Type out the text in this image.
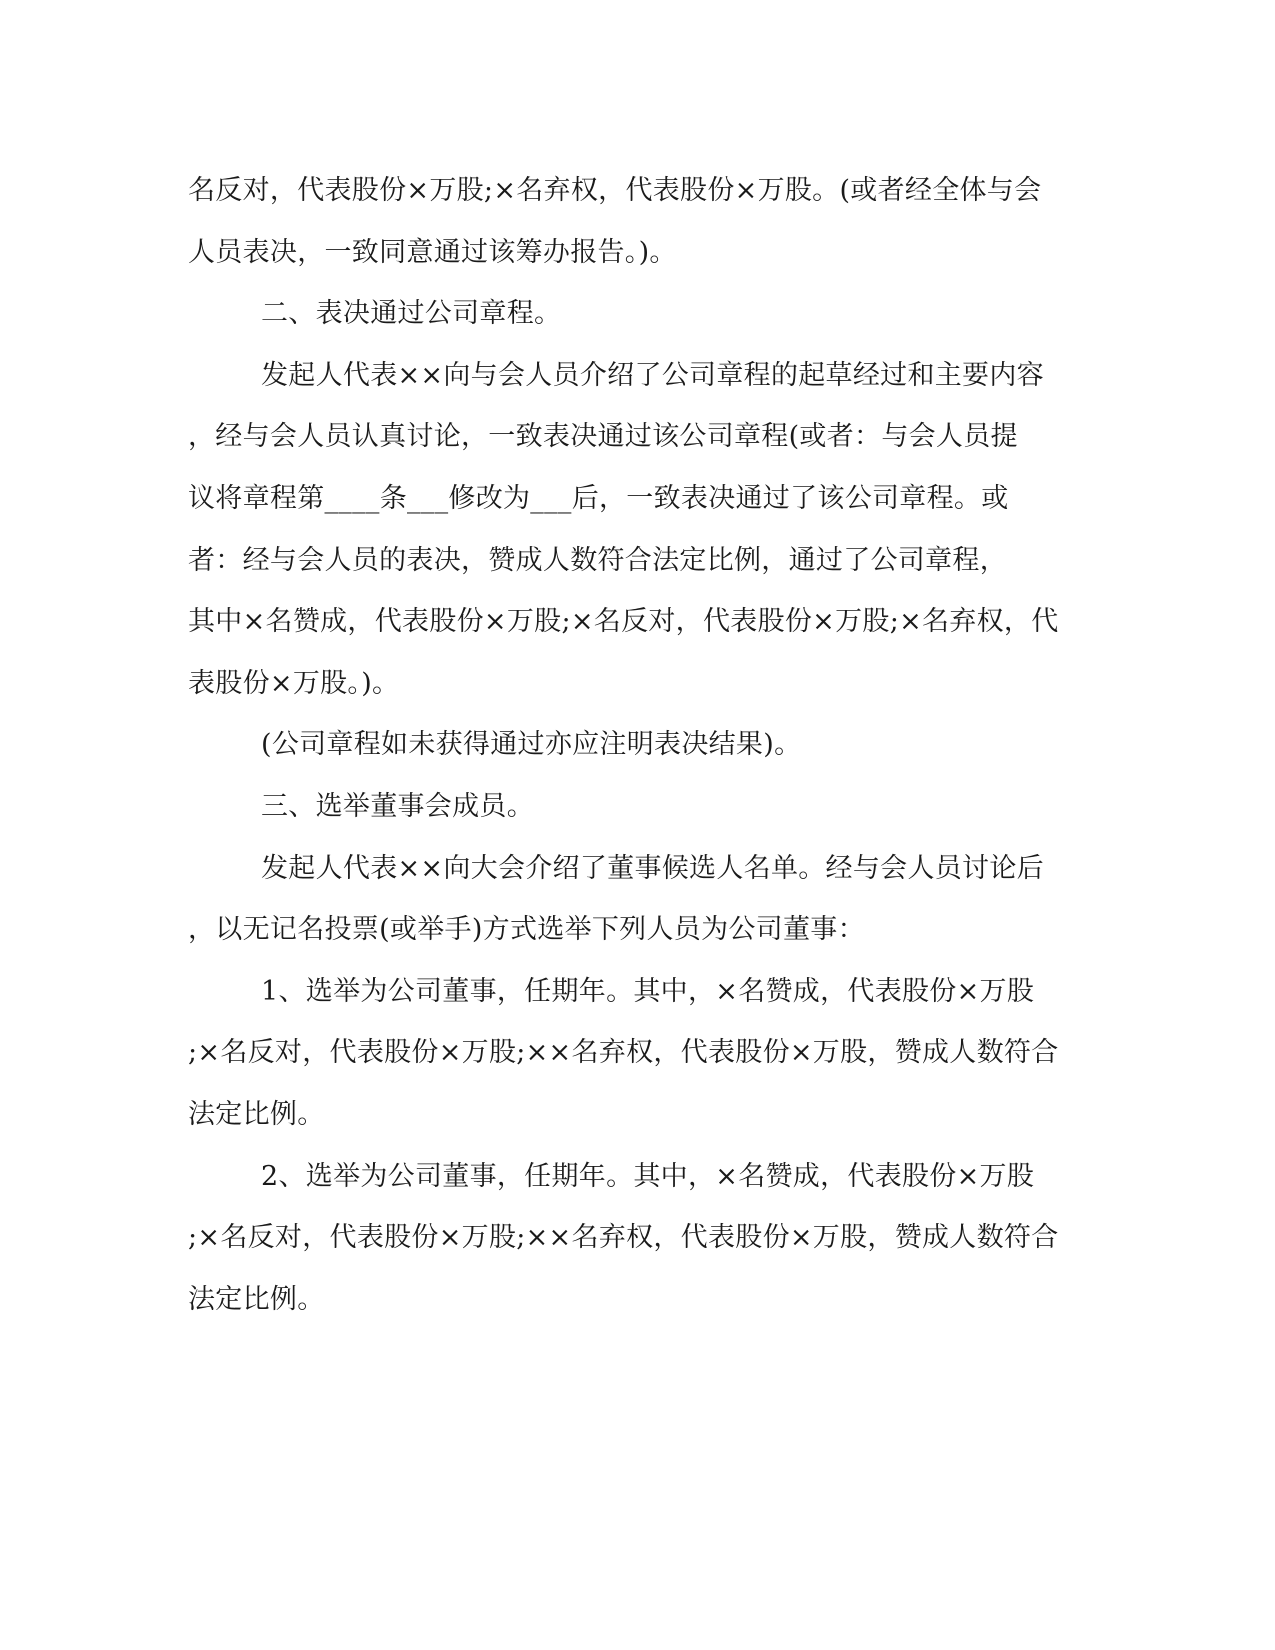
名反对，代表股份×万股;×名弃权，代表股份×万股。(或者经全体与会
人员表决，一致同意通过该筹办报告。)。
二、表决通过公司章程。
发起人代表××向与会人员介绍了公司章程的起草经过和主要内容
，经与会人员认真讨论，一致表决通过该公司章程(或者：与会人员提
议将章程第____条___修改为___后，一致表决通过了该公司章程。或
者：经与会人员的表决，赞成人数符合法定比例，通过了公司章程，
其中×名赞成，代表股份×万股;×名反对，代表股份×万股;×名弃权，代
表股份×万股。)。
(公司章程如未获得通过亦应注明表决结果)。
三、选举董事会成员。
发起人代表××向大会介绍了董事候选人名单。经与会人员讨论后
，以无记名投票(或举手)方式选举下列人员为公司董事：
1、选举为公司董事，任期年。其中，×名赞成，代表股份×万股
;×名反对，代表股份×万股;××名弃权，代表股份×万股，赞成人数符合
法定比例。
2、选举为公司董事，任期年。其中，×名赞成，代表股份×万股
;×名反对，代表股份×万股;××名弃权，代表股份×万股，赞成人数符合
法定比例。
